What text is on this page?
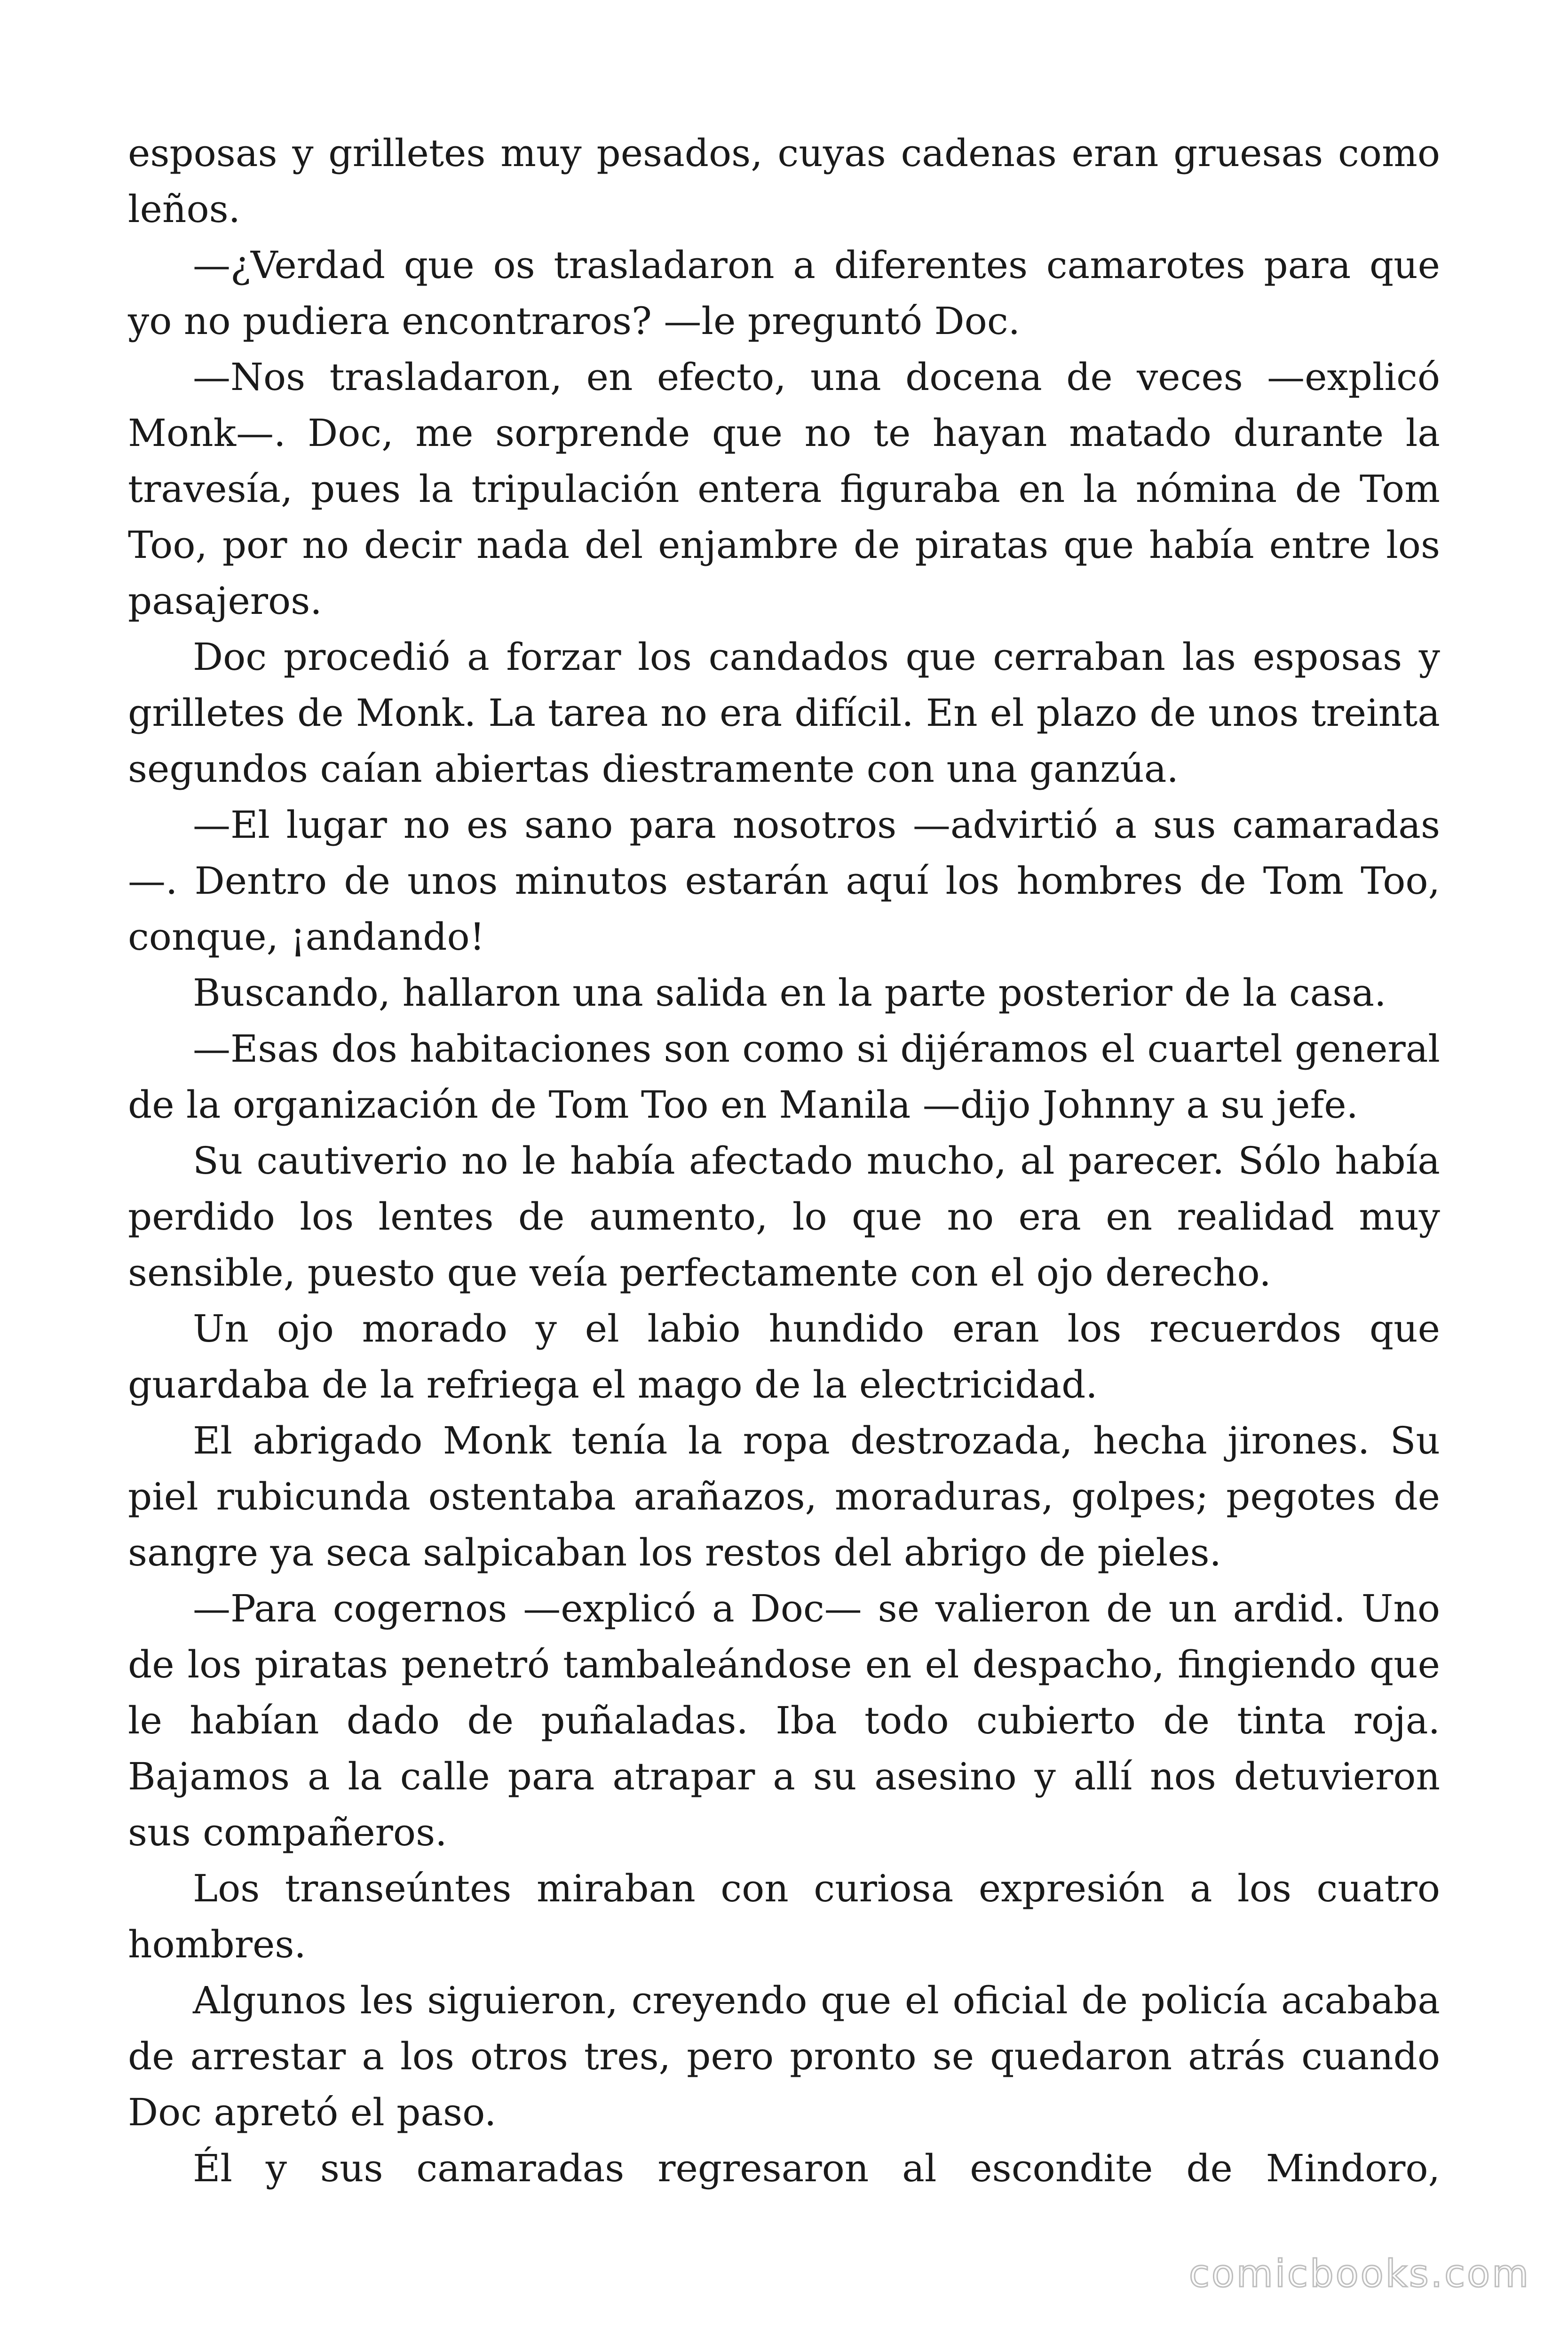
esposas y grilletes muy pesados, cuyas cadenas eran gruesas como leños.

—¿Verdad que os trasladaron a diferentes camarotes para que yo no pudiera encontraros? —le preguntó Doc.

—Nos trasladaron, en efecto, una docena de veces —explicó Monk—. Doc, me sorprende que no te hayan matado durante la travesía, pues la tripulación entera figuraba en la nómina de Tom Too, por no decir nada del enjambre de piratas que había entre los pasajeros.

Doc procedió a forzar los candados que cerraban las esposas y grilletes de Monk. La tarea no era difícil. En el plazo de unos treinta segundos caían abiertas diestramente con una ganzúa.

—El lugar no es sano para nosotros —advirtió a sus camaradas —. Dentro de unos minutos estarán aquí los hombres de Tom Too, conque, ¡andando!

Buscando, hallaron una salida en la parte posterior de la casa.

—Esas dos habitaciones son como si dijéramos el cuartel general de la organización de Tom Too en Manila —dijo Johnny a su jefe.

Su cautiverio no le había afectado mucho, al parecer. Sólo había perdido los lentes de aumento, lo que no era en realidad muy sensible, puesto que veía perfectamente con el ojo derecho.

Un ojo morado y el labio hundido eran los recuerdos que guardaba de la refriega el mago de la electricidad.

El abrigado Monk tenía la ropa destrozada, hecha jirones. Su piel rubicunda ostentaba arañazos, moraduras, golpes; pegotes de sangre ya seca salpicaban los restos del abrigo de pieles.

—Para cogernos —explicó a Doc— se valieron de un ardid. Uno de los piratas penetró tambaleándose en el despacho, fingiendo que le habían dado de puñaladas. Iba todo cubierto de tinta roja. Bajamos a la calle para atrapar a su asesino y allí nos detuvieron sus compañeros.

Los transeúntes miraban con curiosa expresión a los cuatro hombres.

Algunos les siguieron, creyendo que el oficial de policía acababa de arrestar a los otros tres, pero pronto se quedaron atrás cuando Doc apretó el paso.

Él y sus camaradas regresaron al escondite de Mindoro,

comicbooks.com
